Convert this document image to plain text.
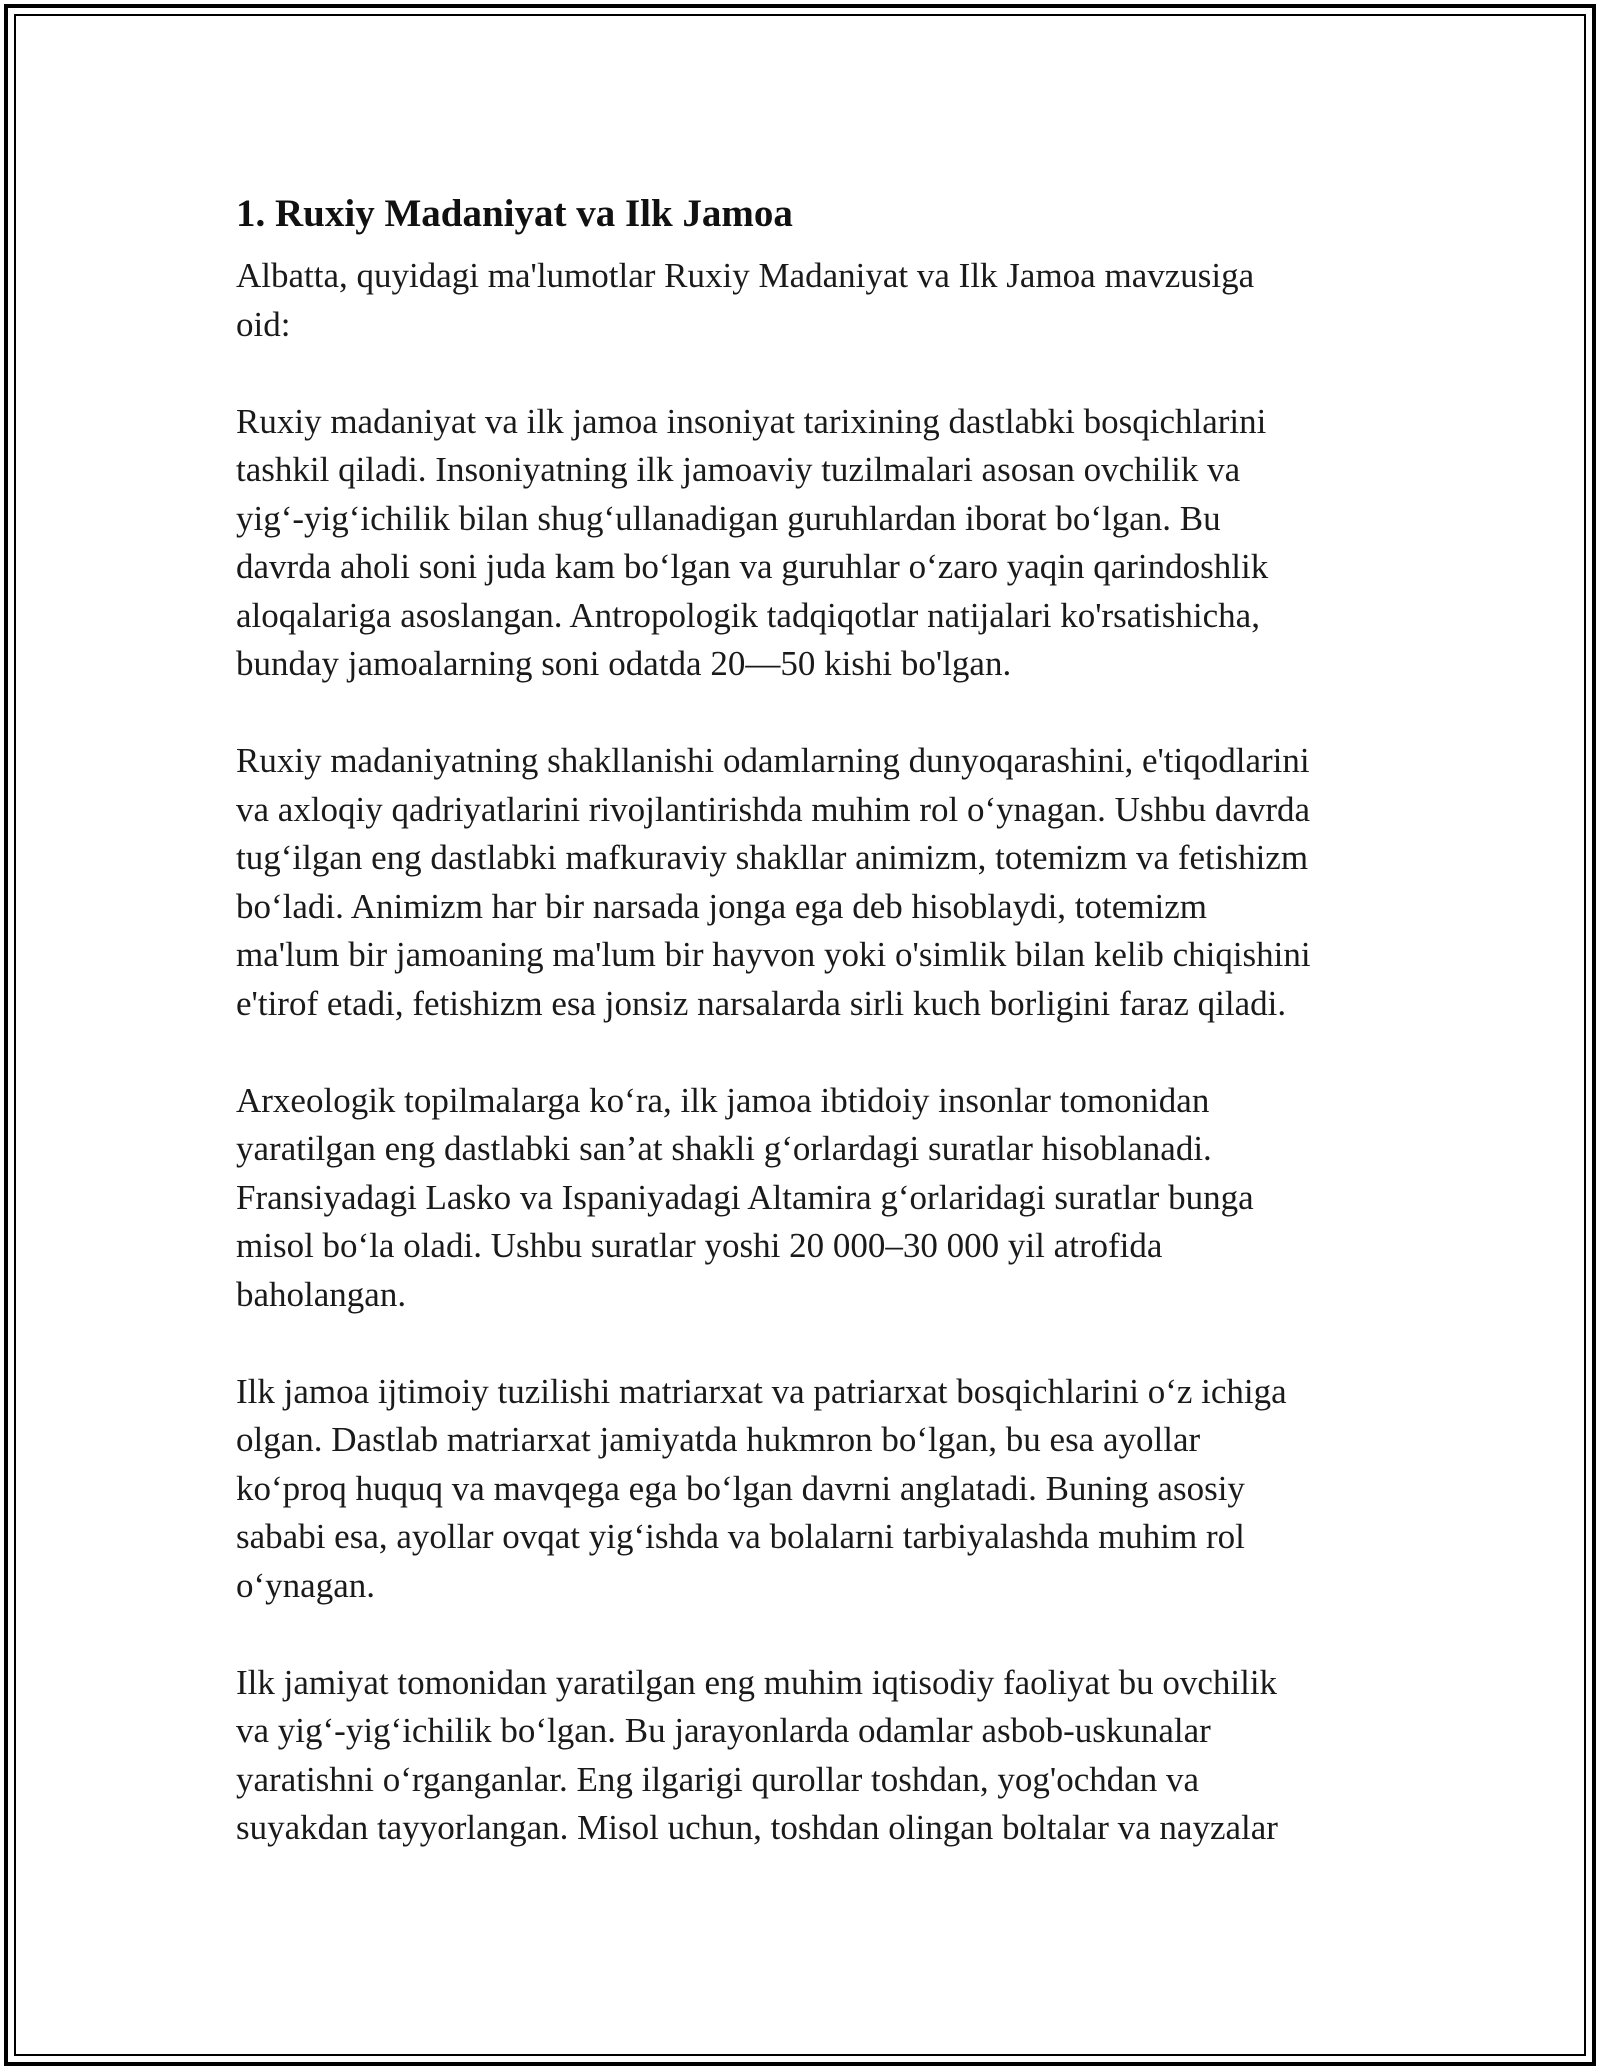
1. Ruxiy Madaniyat va Ilk Jamoa

Albatta, quyidagi ma'lumotlar Ruxiy Madaniyat va Ilk Jamoa mavzusiga
oid:

Ruxiy madaniyat va ilk jamoa insoniyat tarixining dastlabki bosqichlarini
tashkil qiladi. Insoniyatning ilk jamoaviy tuzilmalari asosan ovchilik va
yig‘-yig‘ichilik bilan shug‘ullanadigan guruhlardan iborat bo‘lgan. Bu
davrda aholi soni juda kam bo‘lgan va guruhlar o‘zaro yaqin qarindoshlik
aloqalariga asoslangan. Antropologik tadqiqotlar natijalari ko'rsatishicha,
bunday jamoalarning soni odatda 20—50 kishi bo'lgan.

Ruxiy madaniyatning shakllanishi odamlarning dunyoqarashini, e'tiqodlarini
va axloqiy qadriyatlarini rivojlantirishda muhim rol o‘ynagan. Ushbu davrda
tug‘ilgan eng dastlabki mafkuraviy shakllar animizm, totemizm va fetishizm
bo‘ladi. Animizm har bir narsada jonga ega deb hisoblaydi, totemizm
ma'lum bir jamoaning ma'lum bir hayvon yoki o'simlik bilan kelib chiqishini
e'tirof etadi, fetishizm esa jonsiz narsalarda sirli kuch borligini faraz qiladi.

Arxeologik topilmalarga ko‘ra, ilk jamoa ibtidoiy insonlar tomonidan
yaratilgan eng dastlabki san’at shakli g‘orlardagi suratlar hisoblanadi.
Fransiyadagi Lasko va Ispaniyadagi Altamira g‘orlaridagi suratlar bunga
misol bo‘la oladi. Ushbu suratlar yoshi 20 000–30 000 yil atrofida
baholangan.

Ilk jamoa ijtimoiy tuzilishi matriarxat va patriarxat bosqichlarini o‘z ichiga
olgan. Dastlab matriarxat jamiyatda hukmron bo‘lgan, bu esa ayollar
ko‘proq huquq va mavqega ega bo‘lgan davrni anglatadi. Buning asosiy
sababi esa, ayollar ovqat yig‘ishda va bolalarni tarbiyalashda muhim rol
o‘ynagan.

Ilk jamiyat tomonidan yaratilgan eng muhim iqtisodiy faoliyat bu ovchilik
va yig‘-yig‘ichilik bo‘lgan. Bu jarayonlarda odamlar asbob-uskunalar
yaratishni o‘rganganlar. Eng ilgarigi qurollar toshdan, yog'ochdan va
suyakdan tayyorlangan. Misol uchun, toshdan olingan boltalar va nayzalar
